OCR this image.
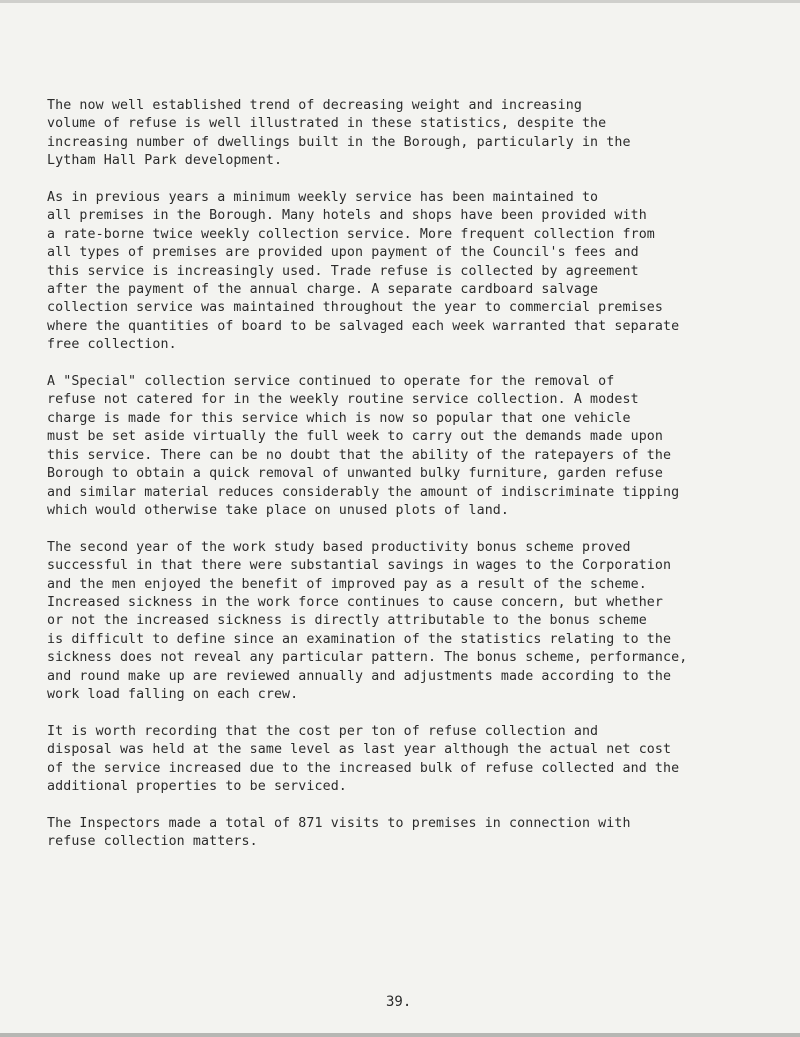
The now well established trend of decreasing weight and increasing
volume of refuse is well illustrated in these statistics, despite the
increasing number of dwellings built in the Borough, particularly in the
Lytham Hall Park development.

As in previous years a minimum weekly service has been maintained to
all premises in the Borough. Many hotels and shops have been provided with
a rate-borne twice weekly collection service. More frequent collection from
all types of premises are provided upon payment of the Council's fees and
this service is increasingly used. Trade refuse is collected by agreement
after the payment of the annual charge. A separate cardboard salvage
collection service was maintained throughout the year to commercial premises
where the quantities of board to be salvaged each week warranted that separate
free collection.

A "Special" collection service continued to operate for the removal of
refuse not catered for in the weekly routine service collection. A modest
charge is made for this service which is now so popular that one vehicle
must be set aside virtually the full week to carry out the demands made upon
this service. There can be no doubt that the ability of the ratepayers of the
Borough to obtain a quick removal of unwanted bulky furniture, garden refuse
and similar material reduces considerably the amount of indiscriminate tipping
which would otherwise take place on unused plots of land.

The second year of the work study based productivity bonus scheme proved
successful in that there were substantial savings in wages to the Corporation
and the men enjoyed the benefit of improved pay as a result of the scheme.
Increased sickness in the work force continues to cause concern, but whether
or not the increased sickness is directly attributable to the bonus scheme
is difficult to define since an examination of the statistics relating to the
sickness does not reveal any particular pattern. The bonus scheme, performance,
and round make up are reviewed annually and adjustments made according to the
work load falling on each crew.

It is worth recording that the cost per ton of refuse collection and
disposal was held at the same level as last year although the actual net cost
of the service increased due to the increased bulk of refuse collected and the
additional properties to be serviced.

The Inspectors made a total of 871 visits to premises in connection with
refuse collection matters.

39.
